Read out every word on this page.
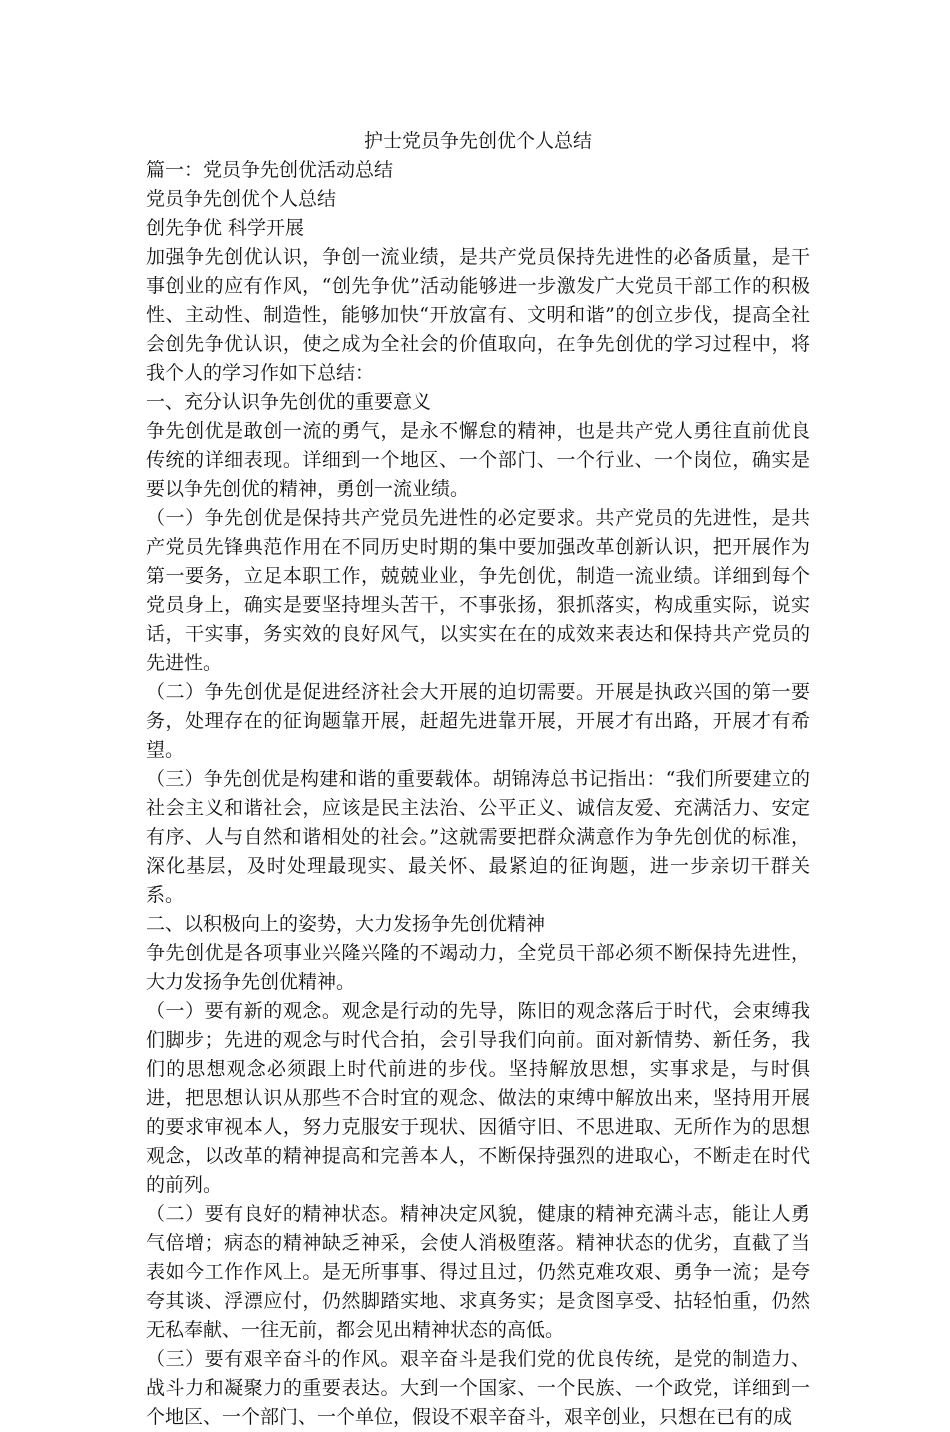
护士党员争先创优个人总结

篇一：党员争先创优活动总结

党员争先创优个人总结

创先争优 科学开展

加强争先创优认识，争创一流业绩，是共产党员保持先进性的必备质量，是干事创业的应有作风，“创先争优”活动能够进一步激发广大党员干部工作的积极性、主动性、制造性，能够加快“开放富有、文明和谐”的创立步伐，提高全社会创先争优认识，使之成为全社会的价值取向，在争先创优的学习过程中，将我个人的学习作如下总结：

一、充分认识争先创优的重要意义

争先创优是敢创一流的勇气，是永不懈怠的精神，也是共产党人勇往直前优良传统的详细表现。详细到一个地区、一个部门、一个行业、一个岗位，确实是要以争先创优的精神，勇创一流业绩。

（一）争先创优是保持共产党员先进性的必定要求。共产党员的先进性，是共产党员先锋典范作用在不同历史时期的集中要加强改革创新认识，把开展作为第一要务，立足本职工作，兢兢业业，争先创优，制造一流业绩。详细到每个党员身上，确实是要坚持埋头苦干，不事张扬，狠抓落实，构成重实际，说实话，干实事，务实效的良好风气，以实实在在的成效来表达和保持共产党员的先进性。

（二）争先创优是促进经济社会大开展的迫切需要。开展是执政兴国的第一要务，处理存在的征询题靠开展，赶超先进靠开展，开展才有出路，开展才有希望。

（三）争先创优是构建和谐的重要载体。胡锦涛总书记指出：“我们所要建立的社会主义和谐社会，应该是民主法治、公平正义、诚信友爱、充满活力、安定有序、人与自然和谐相处的社会。”这就需要把群众满意作为争先创优的标准，深化基层，及时处理最现实、最关怀、最紧迫的征询题，进一步亲切干群关系。

二、以积极向上的姿势，大力发扬争先创优精神

争先创优是各项事业兴隆兴隆的不竭动力，全党员干部必须不断保持先进性，大力发扬争先创优精神。

（一）要有新的观念。观念是行动的先导，陈旧的观念落后于时代，会束缚我们脚步；先进的观念与时代合拍，会引导我们向前。面对新情势、新任务，我们的思想观念必须跟上时代前进的步伐。坚持解放思想，实事求是，与时俱进，把思想认识从那些不合时宜的观念、做法的束缚中解放出来，坚持用开展的要求审视本人，努力克服安于现状、因循守旧、不思进取、无所作为的思想观念，以改革的精神提高和完善本人，不断保持强烈的进取心，不断走在时代的前列。

（二）要有良好的精神状态。精神决定风貌，健康的精神充满斗志，能让人勇气倍增；病态的精神缺乏神采，会使人消极堕落。精神状态的优劣，直截了当表如今工作作风上。是无所事事、得过且过，仍然克难攻艰、勇争一流；是夸夸其谈、浮漂应付，仍然脚踏实地、求真务实；是贪图享受、拈轻怕重，仍然无私奉献、一往无前，都会见出精神状态的高低。

（三）要有艰辛奋斗的作风。艰辛奋斗是我们党的优良传统，是党的制造力、战斗力和凝聚力的重要表达。大到一个国家、一个民族、一个政党，详细到一个地区、一个部门、一个单位，假设不艰辛奋斗，艰辛创业，只想在已有的成
